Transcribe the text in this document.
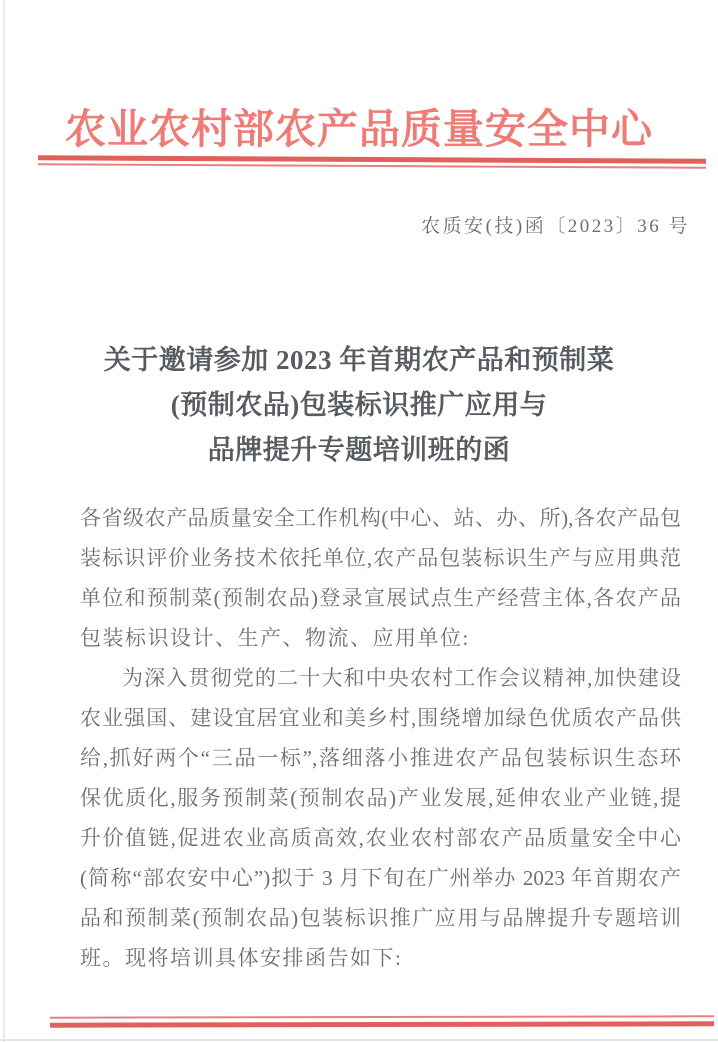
农业农村部农产品质量安全中心
农质安(技)函〔2023〕36 号
关于邀请参加 2023 年首期农产品和预制菜
(预制农品)包装标识推广应用与
品牌提升专题培训班的函
各省级农产品质量安全工作机构(中心、站、办、所),各农产品包
装标识评价业务技术依托单位,农产品包装标识生产与应用典范
单位和预制菜(预制农品)登录宣展试点生产经营主体,各农产品
包装标识设计、生产、物流、应用单位:
为深入贯彻党的二十大和中央农村工作会议精神,加快建设
农业强国、建设宜居宜业和美乡村,围绕增加绿色优质农产品供
给,抓好两个“三品一标”,落细落小推进农产品包装标识生态环
保优质化,服务预制菜(预制农品)产业发展,延伸农业产业链,提
升价值链,促进农业高质高效,农业农村部农产品质量安全中心
(简称“部农安中心”)拟于 3 月下旬在广州举办 2023 年首期农产
品和预制菜(预制农品)包装标识推广应用与品牌提升专题培训
班。现将培训具体安排函告如下:
